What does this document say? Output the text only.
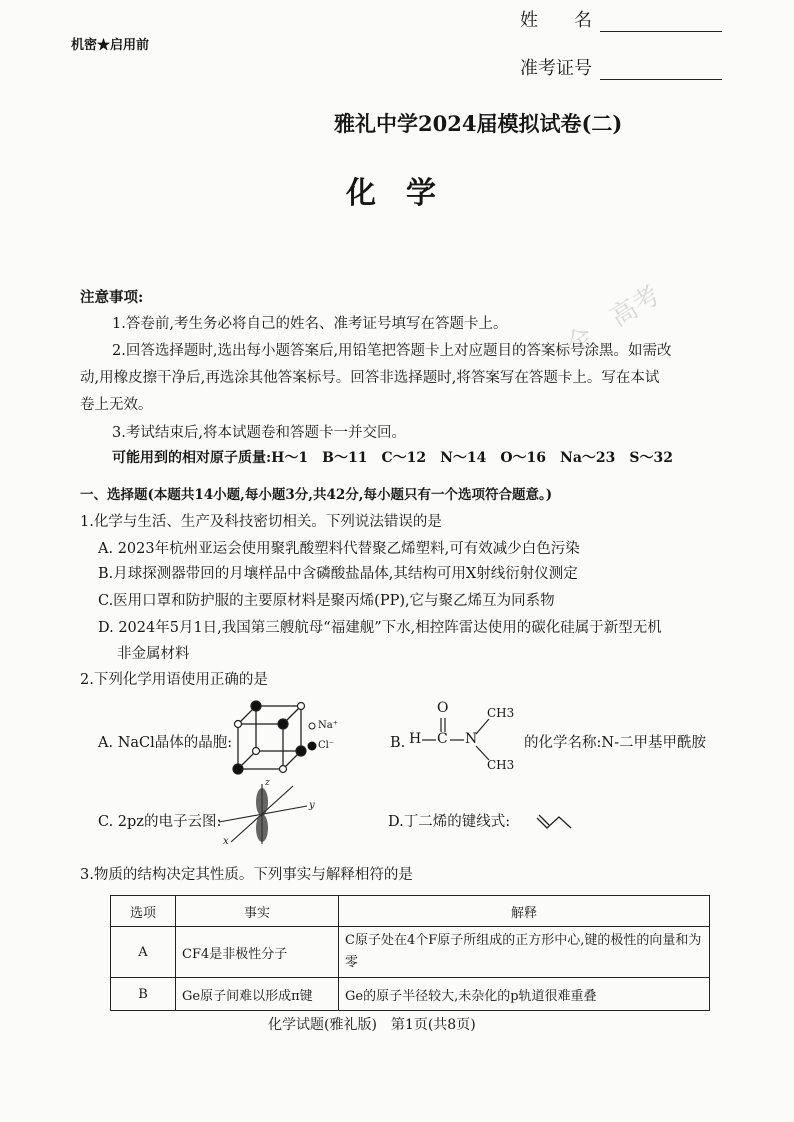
全　高考
机密★启用前
姓　　名
准考证号
雅礼中学2024届模拟试卷(二)
化　学
注意事项:
1.答卷前,考生务必将自己的姓名、准考证号填写在答题卡上。
2.回答选择题时,选出每小题答案后,用铅笔把答题卡上对应题目的答案标号涂黑。如需改
动,用橡皮擦干净后,再选涂其他答案标号。回答非选择题时,将答案写在答题卡上。写在本试
卷上无效。
3.考试结束后,将本试题卷和答题卡一并交回。
可能用到的相对原子质量:H～1　B～11　C～12　N～14　O～16　Na～23　S～32
一、选择题(本题共14小题,每小题3分,共42分,每小题只有一个选项符合题意。)
1.化学与生活、生产及科技密切相关。下列说法错误的是
A. 2023年杭州亚运会使用聚乳酸塑料代替聚乙烯塑料,可有效减少白色污染
B.月球探测器带回的月壤样品中含磷酸盐晶体,其结构可用X射线衍射仪测定
C.医用口罩和防护服的主要原材料是聚丙烯(PP),它与聚乙烯互为同系物
D. 2024年5月1日,我国第三艘航母“福建舰”下水,相控阵雷达使用的碳化硅属于新型无机
非金属材料
2.下列化学用语使用正确的是
A. NaCl晶体的晶胞:
Na⁺
Cl⁻	B. H C
O
N
CH3
CH3
的化学名称:N-二甲基甲酰胺
C. 2pz的电子云图:
z
y
x
D.丁二烯的键线式:
3.物质的结构决定其性质。下列事实与解释相符的是
选项	事实	解释
A	CF4是非极性分子	C原子处在4个F原子所组成的正方形中心,键的极性的向量和为零
B	Ge原子间难以形成π键	Ge的原子半径较大,未杂化的p轨道很难重叠
化学试题(雅礼版)　第1页(共8页)
